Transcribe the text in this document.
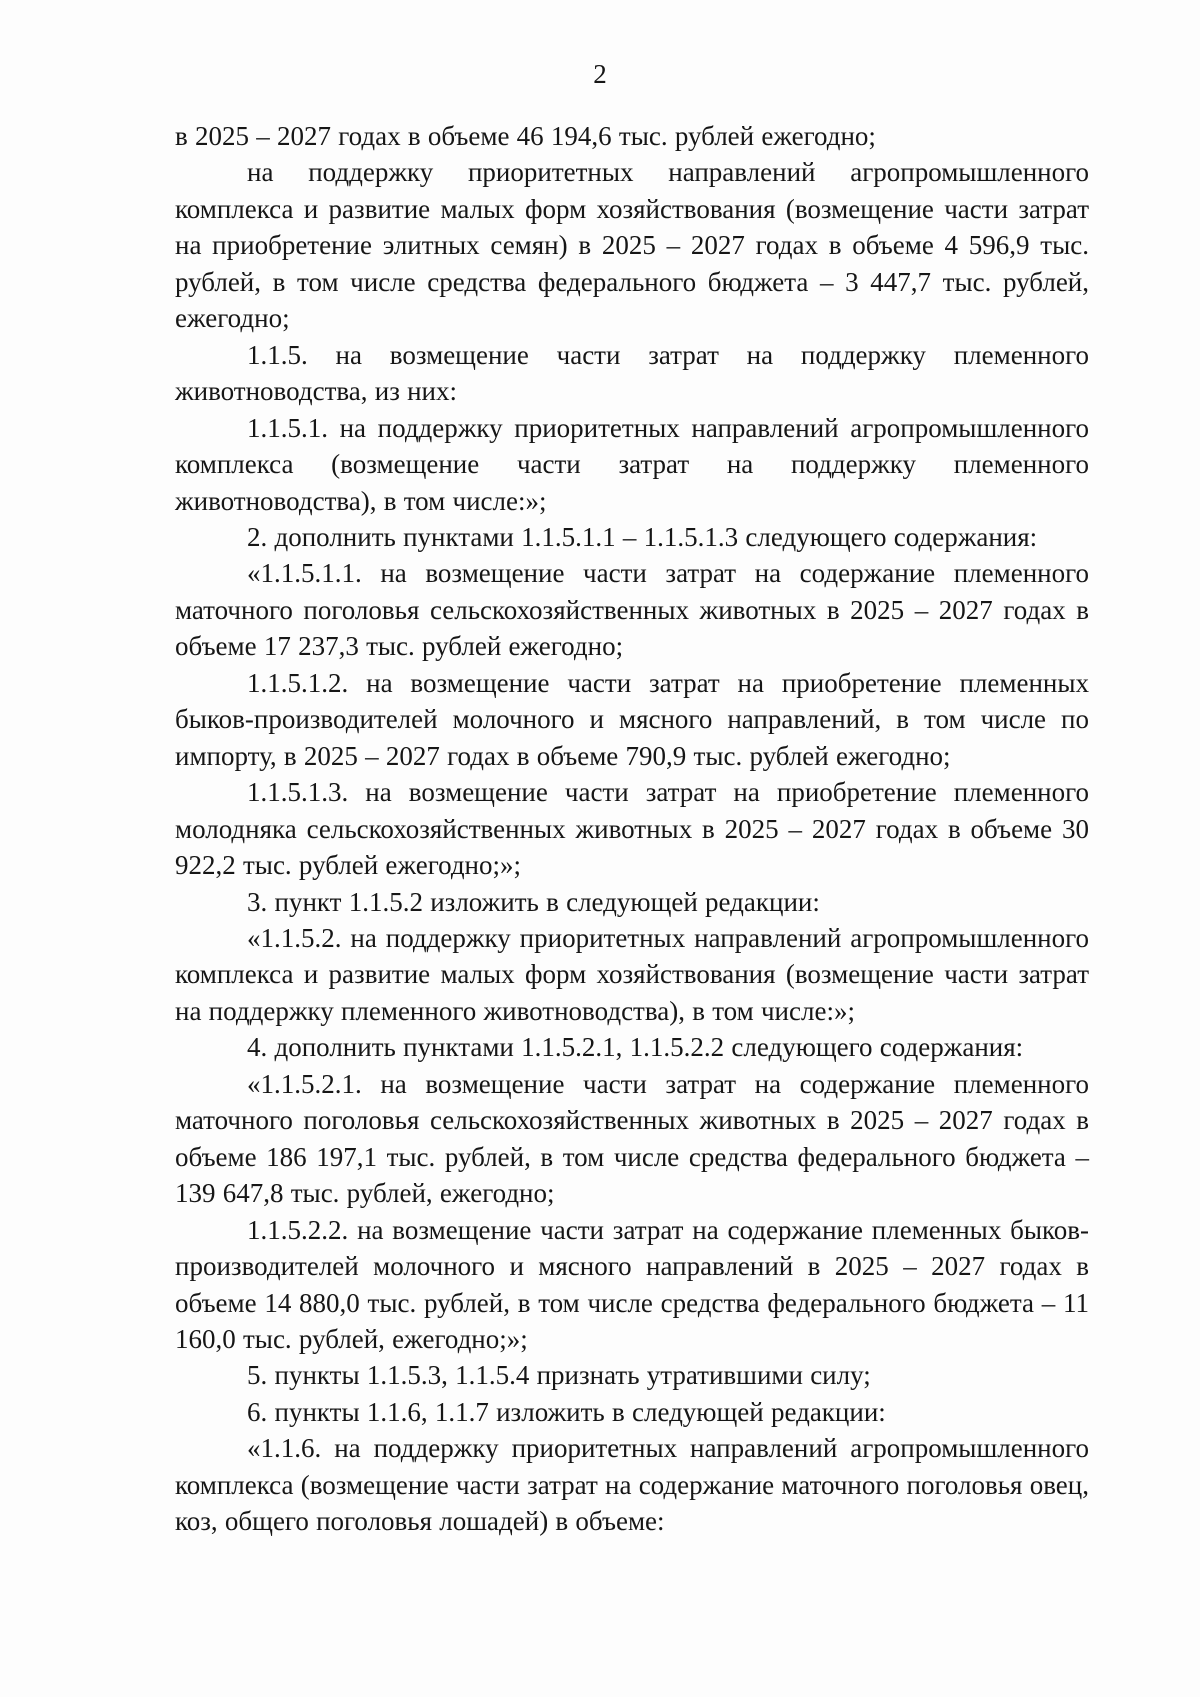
2

в 2025 – 2027 годах в объеме 46 194,6 тыс. рублей ежегодно;

на поддержку приоритетных направлений агропромышленного комплекса и развитие малых форм хозяйствования (возмещение части затрат на приобретение элитных семян) в 2025 – 2027 годах в объеме 4 596,9 тыс. рублей, в том числе средства федерального бюджета – 3 447,7 тыс. рублей, ежегодно;

1.1.5. на возмещение части затрат на поддержку племенного животноводства, из них:

1.1.5.1. на поддержку приоритетных направлений агропромышленного комплекса (возмещение части затрат на поддержку племенного животноводства), в том числе:»;

2. дополнить пунктами 1.1.5.1.1 – 1.1.5.1.3 следующего содержания:

«1.1.5.1.1. на возмещение части затрат на содержание племенного маточного поголовья сельскохозяйственных животных в 2025 – 2027 годах в объеме 17 237,3 тыс. рублей ежегодно;

1.1.5.1.2. на возмещение части затрат на приобретение племенных быков-производителей молочного и мясного направлений, в том числе по импорту, в 2025 – 2027 годах в объеме 790,9 тыс. рублей ежегодно;

1.1.5.1.3. на возмещение части затрат на приобретение племенного молодняка сельскохозяйственных животных в 2025 – 2027 годах в объеме 30 922,2 тыс. рублей ежегодно;»;

3. пункт 1.1.5.2 изложить в следующей редакции:

«1.1.5.2. на поддержку приоритетных направлений агропромышленного комплекса и развитие малых форм хозяйствования (возмещение части затрат на поддержку племенного животноводства), в том числе:»;

4. дополнить пунктами 1.1.5.2.1, 1.1.5.2.2 следующего содержания:

«1.1.5.2.1. на возмещение части затрат на содержание племенного маточного поголовья сельскохозяйственных животных в 2025 – 2027 годах в объеме 186 197,1 тыс. рублей, в том числе средства федерального бюджета – 139 647,8 тыс. рублей, ежегодно;

1.1.5.2.2. на возмещение части затрат на содержание племенных быков-производителей молочного и мясного направлений в 2025 – 2027 годах в объеме 14 880,0 тыс. рублей, в том числе средства федерального бюджета – 11 160,0 тыс. рублей, ежегодно;»;

5. пункты 1.1.5.3, 1.1.5.4 признать утратившими силу;

6. пункты 1.1.6, 1.1.7 изложить в следующей редакции:

«1.1.6. на поддержку приоритетных направлений агропромышленного комплекса (возмещение части затрат на содержание маточного поголовья овец, коз, общего поголовья лошадей) в объеме:
